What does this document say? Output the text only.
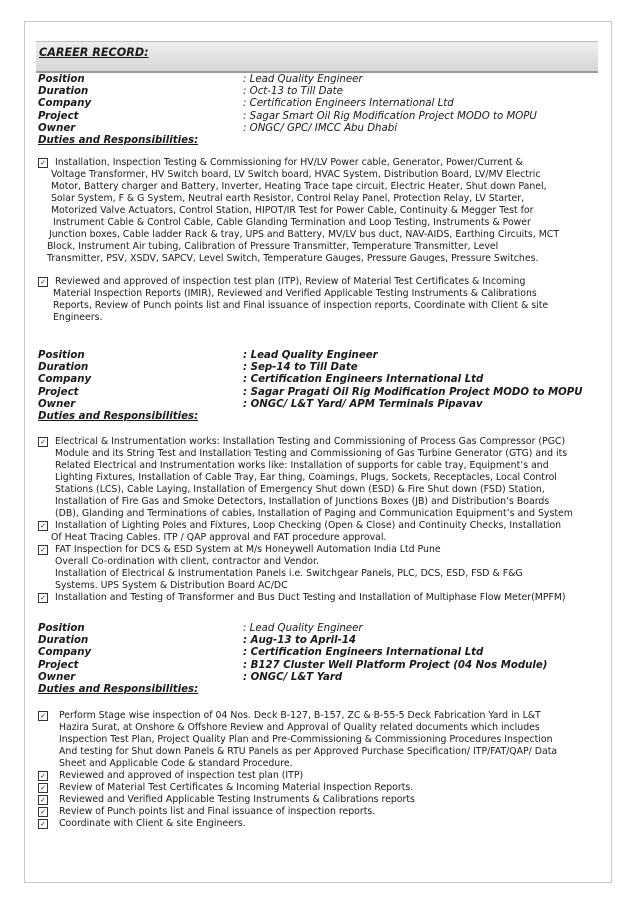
CAREER RECORD:
Position	: Lead Quality Engineer
Duration	: Oct-13 to Till Date
Company	: Certification Engineers International Ltd
Project	: Sagar Smart Oil Rig Modification Project MODO to MOPU
Owner	: ONGC/ GPC/ IMCC Abu Dhabi
Duties and Responsibilities:
✓ Installation, Inspection Testing & Commissioning for HV/LV Power cable, Generator, Power/Current &
Voltage Transformer, HV Switch board, LV Switch board, HVAC System, Distribution Board, LV/MV Electric
Motor, Battery charger and Battery, Inverter, Heating Trace tape circuit, Electric Heater, Shut down Panel,
Solar System, F & G System, Neutral earth Resistor, Control Relay Panel, Protection Relay, LV Starter,
Motorized Valve Actuators, Control Station, HIPOT/IR Test for Power Cable, Continuity & Megger Test for
Instrument Cable & Control Cable, Cable Glanding Termination and Loop Testing, Instruments & Power
Junction boxes, Cable ladder Rack & tray, UPS and Battery, MV/LV bus duct, NAV-AIDS, Earthing Circuits, MCT
Block, Instrument Air tubing, Calibration of Pressure Transmitter, Temperature Transmitter, Level
Transmitter, PSV, XSDV, SAPCV, Level Switch, Temperature Gauges, Pressure Gauges, Pressure Switches.
✓ Reviewed and approved of inspection test plan (ITP), Review of Material Test Certificates & Incoming
Material Inspection Reports (IMIR), Reviewed and Verified Applicable Testing Instruments & Calibrations
Reports, Review of Punch points list and Final issuance of inspection reports, Coordinate with Client & site
Engineers.
Position	: Lead Quality Engineer
Duration	: Sep-14 to Till Date
Company	: Certification Engineers International Ltd
Project	: Sagar Pragati Oil Rig Modification Project MODO to MOPU
Owner	: ONGC/ L&T Yard/ APM Terminals Pipavav
Duties and Responsibilities:
✓ Electrical & Instrumentation works: Installation Testing and Commissioning of Process Gas Compressor (PGC)
Module and its String Test and Installation Testing and Commissioning of Gas Turbine Generator (GTG) and its
Related Electrical and Instrumentation works like: Installation of supports for cable tray, Equipment’s and
Lighting Fixtures, Installation of Cable Tray, Ear thing, Coamings, Plugs, Sockets, Receptacles, Local Control
Stations (LCS), Cable Laying, Installation of Emergency Shut down (ESD) & Fire Shut down (FSD) Station,
Installation of Fire Gas and Smoke Detectors, Installation of Junctions Boxes (JB) and Distribution’s Boards
(DB), Glanding and Terminations of cables, Installation of Paging and Communication Equipment’s and System
✓ Installation of Lighting Poles and Fixtures, Loop Checking (Open & Close) and Continuity Checks, Installation
Of Heat Tracing Cables. ITP / QAP approval and FAT procedure approval.
✓ FAT Inspection for DCS & ESD System at M/s Honeywell Automation India Ltd Pune
Overall Co-ordination with client, contractor and Vendor.
Installation of Electrical & Instrumentation Panels i.e. Switchgear Panels, PLC, DCS, ESD, FSD & F&G
Systems. UPS System & Distribution Board AC/DC
✓ Installation and Testing of Transformer and Bus Duct Testing and Installation of Multiphase Flow Meter(MPFM)
Position	: Lead Quality Engineer
Duration	: Aug-13 to April-14
Company	: Certification Engineers International Ltd
Project	: B127 Cluster Well Platform Project (04 Nos Module)
Owner	: ONGC/ L&T Yard
Duties and Responsibilities:
✓	Perform Stage wise inspection of 04 Nos. Deck B-127, B-157, ZC & B-55-5 Deck Fabrication Yard in L&T
Hazira Surat, at Onshore & Offshore Review and Approval of Quality related documents which includes
Inspection Test Plan, Project Quality Plan and Pre-Commissioning & Commissioning Procedures Inspection
And testing for Shut down Panels & RTU Panels as per Approved Purchase Specification/ ITP/FAT/QAP/ Data
Sheet and Applicable Code & standard Procedure.
✓	Reviewed and approved of inspection test plan (ITP)
✓	Review of Material Test Certificates & Incoming Material Inspection Reports.
✓	Reviewed and Verified Applicable Testing Instruments & Calibrations reports
✓	Review of Punch points list and Final issuance of inspection reports.
✓	Coordinate with Client & site Engineers.
